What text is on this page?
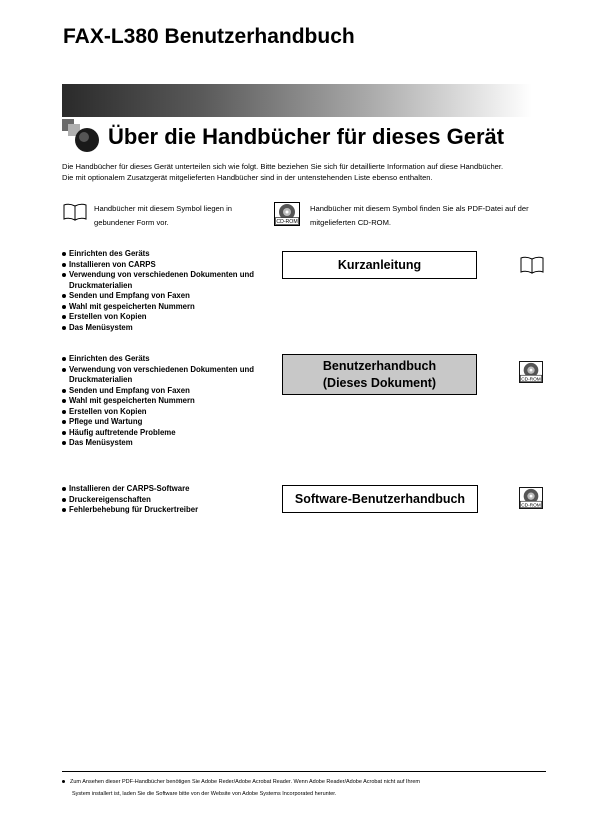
FAX-L380 Benutzerhandbuch
Über die Handbücher für dieses Gerät

Die Handbücher für dieses Gerät unterteilen sich wie folgt. Bitte beziehen Sie sich für detaillierte Information auf diese Handbücher.

Die mit optionalem Zusatzgerät mitgelieferten Handbücher sind in der untenstehenden Liste ebenso enthalten.

Handbücher mit diesem Symbol liegen in gebundener Form vor.	CD-ROM
Handbücher mit diesem Symbol finden Sie als PDF-Datei auf der mitgelieferten CD-ROM.
Einrichten des Geräts
Installieren von CARPS
Verwendung von verschiedenen Dokumenten und Druckmaterialien
Senden und Empfang von Faxen
Wahl mit gespeicherten Nummern
Erstellen von Kopien
Das Menüsystem
Kurzanleitung
Einrichten des Geräts
Verwendung von verschiedenen Dokumenten und Druckmaterialien
Senden und Empfang von Faxen
Wahl mit gespeicherten Nummern
Erstellen von Kopien
Pflege und Wartung
Häufig auftretende Probleme
Das Menüsystem
Benutzerhandbuch
(Dieses Dokument)	CD-ROM
Installieren der CARPS-Software
Druckereigenschaften
Fehlerbehebung für Druckertreiber
Software-Benutzerhandbuch
CD-ROM
Zum Ansehen dieser PDF-Handbücher benötigen Sie Adobe Reder/Adobe Acrobat Reader. Wenn Adobe Reader/Adobe Acrobat nicht auf Ihrem
System installert ist, laden Sie die Software bitte von der Website von Adobe Systems Incorporated herunter.
